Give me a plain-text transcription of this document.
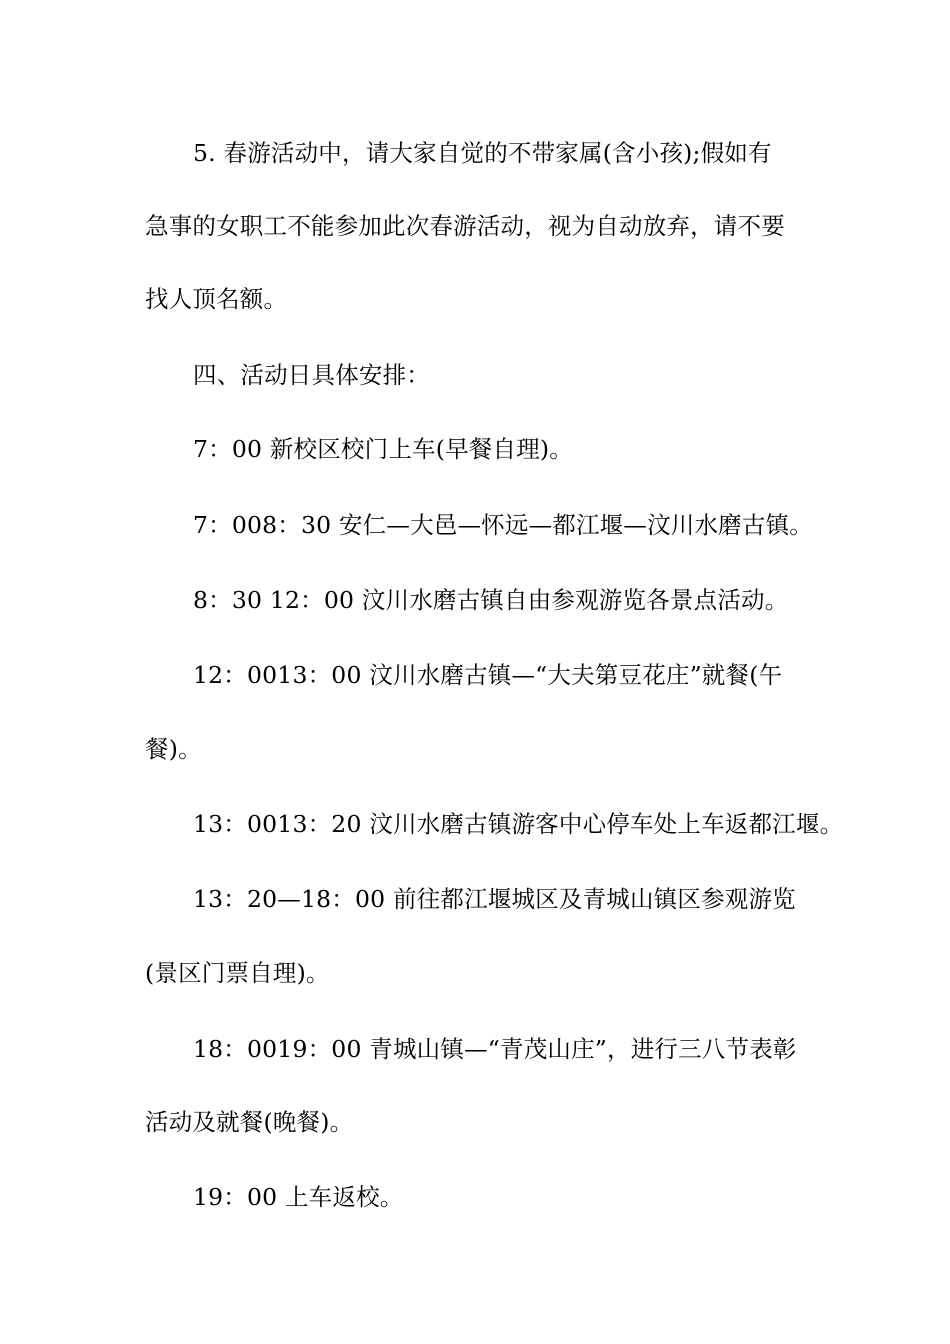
5. 春游活动中，请大家自觉的不带家属(含小孩);假如有
急事的女职工不能参加此次春游活动，视为自动放弃，请不要
找人顶名额。
四、活动日具体安排：
7：00 新校区校门上车(早餐自理)。
7：008：30 安仁—大邑—怀远—都江堰—汶川水磨古镇。
8：30 12：00 汶川水磨古镇自由参观游览各景点活动。
12：0013：00 汶川水磨古镇—“大夫第豆花庄”就餐(午
餐)。
13：0013：20 汶川水磨古镇游客中心停车处上车返都江堰。
13：20—18：00 前往都江堰城区及青城山镇区参观游览
(景区门票自理)。
18：0019：00 青城山镇—“青茂山庄”，进行三八节表彰
活动及就餐(晚餐)。
19：00 上车返校。
